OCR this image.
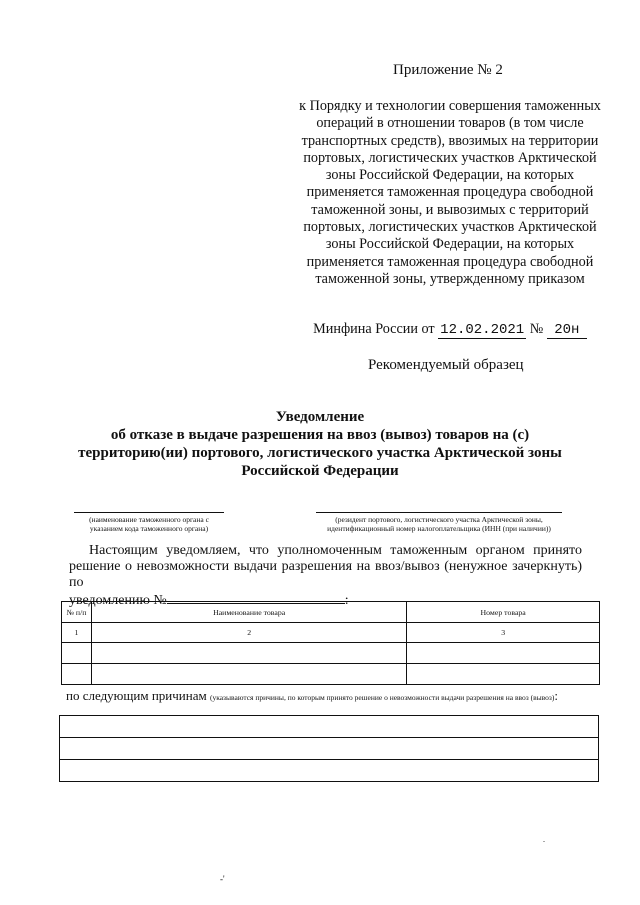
Приложение № 2
к Порядку и технологии совершения таможенных операций в отношении товаров (в том числе транспортных средств), ввозимых на территории портовых, логистических участков Арктической зоны Российской Федерации, на которых применяется таможенная процедура свободной таможенной зоны, и вывозимых с территорий портовых, логистических участков Арктической зоны Российской Федерации, на которых применяется таможенная процедура свободной таможенной зоны, утвержденному приказом
Минфина России от 12.02.2021 № 20н
Рекомендуемый образец
Уведомление
об отказе в выдаче разрешения на ввоз (вывоз) товаров на (с) территорию(ии) портового, логистического участка Арктической зоны Российской Федерации
(наименование таможенного органа с указанием кода таможенного органа)
(резидент портового, логистического участка Арктической зоны, идентификационный номер налогоплательщика (ИНН (при наличии))
Настоящим уведомляем, что уполномоченным таможенным органом принято решение о невозможности выдачи разрешения на ввоз/вывоз (ненужное зачеркнуть) по
уведомлению №	:
№ п/п	Наименование товара	Номер товара
1	2	3

по следующим причинам (указываются причины, по которым принято решение о невозможности выдачи разрешения на ввоз (вывоз):

.
-'
